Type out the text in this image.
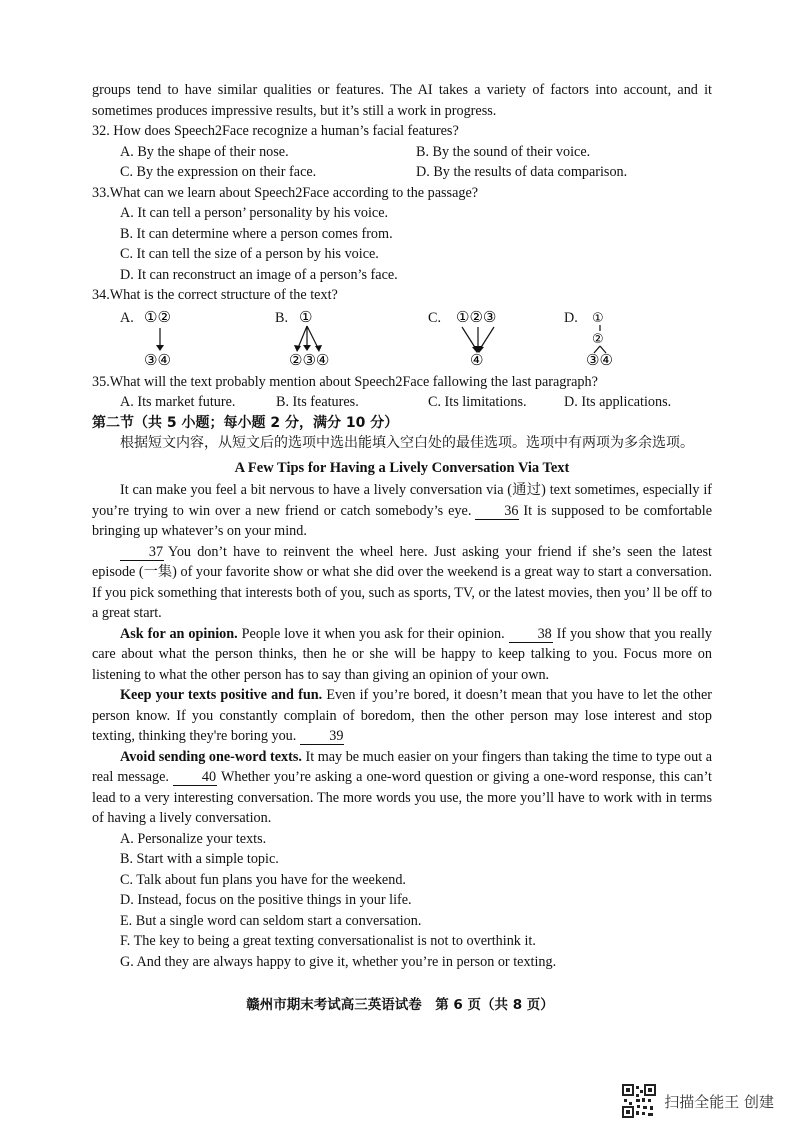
groups tend to have similar qualities or features. The AI takes a variety of factors into account, and it sometimes produces impressive results, but it’s still a work in progress.

32. How does Speech2Face recognize a human’s facial features?

A. By the shape of their nose.	B. By the sound of their voice.
C. By the expression on their face.	D. By the results of data comparison.

33.What can we learn about Speech2Face according to the passage?

A. It can tell a person’ personality by his voice.

B. It can determine where a person comes from.

C. It can tell the size of a person by his voice.

D. It can reconstruct an image of a person’s face.

34.What is the correct structure of the text?

A. ①②
③④
B. ①
②③④
C. ①②③
④
D. ①
②
③④

35.What will the text probably mention about Speech2Face fallowing the last paragraph?

A. Its market future.	B. Its features.	C. Its limitations.	D. Its applications.

第二节（共 5 小题；每小题 2 分，满分 10 分）

根据短文内容，从短文后的选项中选出能填入空白处的最佳选项。选项中有两项为多余选项。

A Few Tips for Having a Lively Conversation Via Text

It can make you feel a bit nervous to have a lively conversation via (通过) text sometimes, especially if you’re trying to win over a new friend or catch somebody’s eye. 36 It is supposed to be comfortable bringing up whatever’s on your mind.

37 You don’t have to reinvent the wheel here. Just asking your friend if she’s seen the latest episode (一集) of your favorite show or what she did over the weekend is a great way to start a conversation. If you pick something that interests both of you, such as sports, TV, or the latest movies, then you’ ll be off to a great start.

Ask for an opinion. People love it when you ask for their opinion. 38 If you show that you really care about what the person thinks, then he or she will be happy to keep talking to you. Focus more on listening to what the other person has to say than giving an opinion of your own.

Keep your texts positive and fun. Even if you’re bored, it doesn’t mean that you have to let the other person know. If you constantly complain of boredom, then the other person may lose interest and stop texting, thinking they're boring you. 39

Avoid sending one-word texts. It may be much easier on your fingers than taking the time to type out a real message. 40 Whether you’re asking a one-word question or giving a one-word response, this can’t lead to a very interesting conversation. The more words you use, the more you’ll have to work with in terms of having a lively conversation.

A. Personalize your texts.

B. Start with a simple topic.

C. Talk about fun plans you have for the weekend.

D. Instead, focus on the positive things in your life.

E. But a single word can seldom start a conversation.

F. The key to being a great texting conversationalist is not to overthink it.

G. And they are always happy to give it, whether you’re in person or texting.

赣州市期末考试高三英语试卷　第 6 页（共 8 页）
扫描全能王 创建
